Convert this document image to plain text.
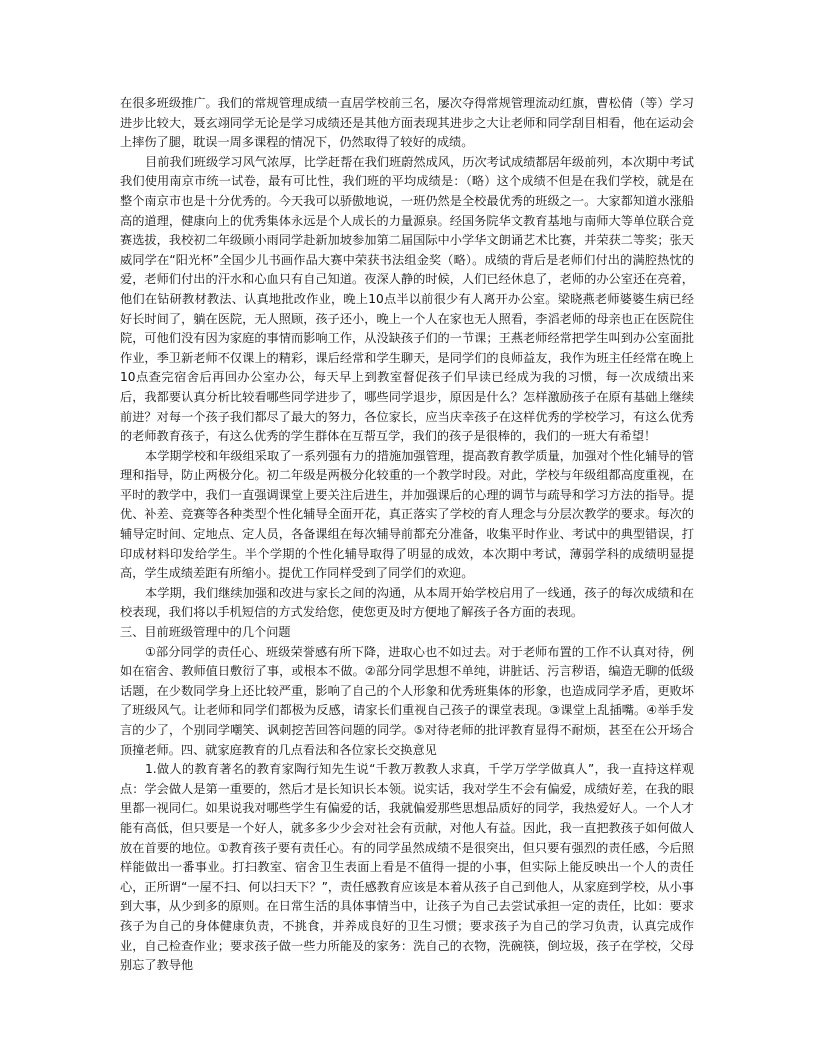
在很多班级推广。我们的常规管理成绩一直居学校前三名，屡次夺得常规管理流动红旗，曹松倩（等）学习进步比较大，聂玄翊同学无论是学习成绩还是其他方面表现其进步之大让老师和同学刮目相看，他在运动会上摔伤了腿，耽误一周多课程的情况下，仍然取得了较好的成绩。

目前我们班级学习风气浓厚，比学赶帮在我们班蔚然成风，历次考试成绩都居年级前列，本次期中考试我们使用南京市统一试卷，最有可比性，我们班的平均成绩是：（略）这个成绩不但是在我们学校，就是在整个南京市也是十分优秀的。今天我可以骄傲地说，一班仍然是全校最优秀的班级之一。大家都知道水涨船高的道理，健康向上的优秀集体永远是个人成长的力量源泉。经国务院华文教育基地与南师大等单位联合竞赛选拔，我校初二年级顾小雨同学赴新加坡参加第二届国际中小学华文朗诵艺术比赛，并荣获二等奖；张天威同学在“阳光杯”全国少儿书画作品大赛中荣获书法组金奖（略）。成绩的背后是老师们付出的满腔热忱的爱，老师们付出的汗水和心血只有自己知道。夜深人静的时候，人们已经休息了，老师的办公室还在亮着，他们在钻研教材教法、认真地批改作业，晚上10点半以前很少有人离开办公室。梁晓燕老师婆婆生病已经好长时间了，躺在医院，无人照顾，孩子还小，晚上一个人在家也无人照看，李滔老师的母亲也正在医院住院，可他们没有因为家庭的事情而影响工作，从没缺孩子们的一节课；王燕老师经常把学生叫到办公室面批作业，季卫新老师不仅课上的精彩，课后经常和学生聊天，是同学们的良师益友，我作为班主任经常在晚上 10点查完宿舍后再回办公室办公，每天早上到教室督促孩子们早读已经成为我的习惯，每一次成绩出来后，我都要认真分析比较看哪些同学进步了，哪些同学退步，原因是什么？怎样激励孩子在原有基础上继续前进？对每一个孩子我们都尽了最大的努力，各位家长，应当庆幸孩子在这样优秀的学校学习，有这么优秀的老师教育孩子，有这么优秀的学生群体在互帮互学，我们的孩子是很棒的，我们的一班大有希望！

本学期学校和年级组采取了一系列强有力的措施加强管理，提高教育教学质量，加强对个性化辅导的管理和指导，防止两极分化。初二年级是两极分化较重的一个教学时段。对此，学校与年级组都高度重视，在平时的教学中，我们一直强调课堂上要关注后进生，并加强课后的心理的调节与疏导和学习方法的指导。提优、补差、竞赛等各种类型个性化辅导全面开花，真正落实了学校的育人理念与分层次教学的要求。每次的辅导定时间、定地点、定人员，各备课组在每次辅导前都充分准备，收集平时作业、考试中的典型错误，打印成材料印发给学生。半个学期的个性化辅导取得了明显的成效，本次期中考试，薄弱学科的成绩明显提高，学生成绩差距有所缩小。提优工作同样受到了同学们的欢迎。

本学期，我们继续加强和改进与家长之间的沟通，从本周开始学校启用了一线通，孩子的每次成绩和在校表现，我们将以手机短信的方式发给您，使您更及时方便地了解孩子各方面的表现。

三、目前班级管理中的几个问题

①部分同学的责任心、班级荣誉感有所下降，进取心也不如过去。对于老师布置的工作不认真对待，例如在宿舍、教师值日敷衍了事，或根本不做。②部分同学思想不单纯，讲脏话、污言秽语，编造无聊的低级话题，在少数同学身上还比较严重，影响了自己的个人形象和优秀班集体的形象，也造成同学矛盾，更败坏了班级风气。让老师和同学们都极为反感，请家长们重视自己孩子的课堂表现。③课堂上乱插嘴。④举手发言的少了，个别同学嘲笑、讽刺挖苦回答问题的同学。⑤对待老师的批评教育显得不耐烦，甚至在公开场合顶撞老师。四、就家庭教育的几点看法和各位家长交换意见

1.做人的教育著名的教育家陶行知先生说“千教万教教人求真，千学万学学做真人”，我一直持这样观点：学会做人是第一重要的，然后才是长知识长本领。说实话，我对学生不会有偏爱，成绩好差，在我的眼里都一视同仁。如果说我对哪些学生有偏爱的话，我就偏爱那些思想品质好的同学，我热爱好人。一个人才能有高低，但只要是一个好人，就多多少少会对社会有贡献，对他人有益。因此，我一直把教孩子如何做人放在首要的地位。①教育孩子要有责任心。有的同学虽然成绩不是很突出，但只要有强烈的责任感，今后照样能做出一番事业。打扫教室、宿舍卫生表面上看是不值得一提的小事，但实际上能反映出一个人的责任心，正所谓“一屋不扫、何以扫天下？”，责任感教育应该是本着从孩子自己到他人，从家庭到学校，从小事到大事，从少到多的原则。在日常生活的具体事情当中，让孩子为自己去尝试承担一定的责任，比如：要求孩子为自己的身体健康负责，不挑食，并养成良好的卫生习惯；要求孩子为自己的学习负责，认真完成作业，自己检查作业；要求孩子做一些力所能及的家务：洗自己的衣物，洗碗筷，倒垃圾，孩子在学校，父母别忘了教导他
